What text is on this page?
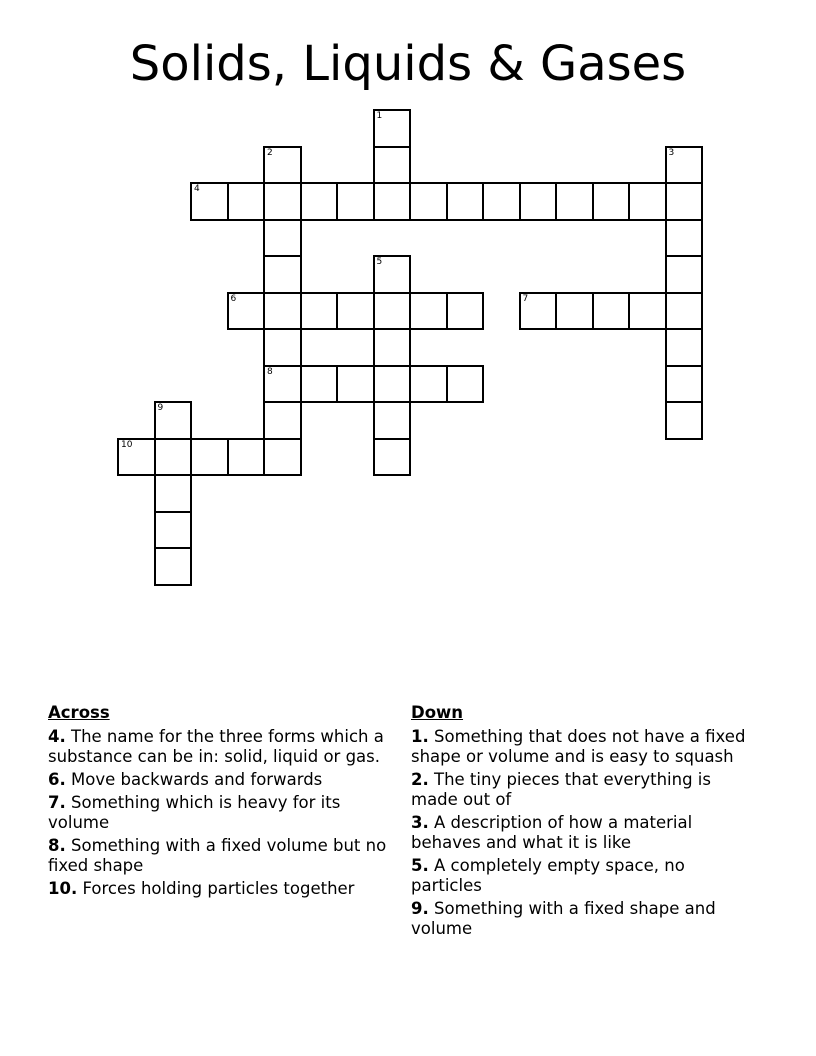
Solids, Liquids & Gases
1
2	3
4
5
6	7
8
9
10
Across
4. The name for the three forms which a substance can be in: solid, liquid or gas.
6. Move backwards and forwards
7. Something which is heavy for its volume
8. Something with a fixed volume but no fixed shape
10. Forces holding particles together
Down
1. Something that does not have a fixed shape or volume and is easy to squash
2. The tiny pieces that everything is made out of
3. A description of how a material behaves and what it is like
5. A completely empty space, no particles
9. Something with a fixed shape and volume
